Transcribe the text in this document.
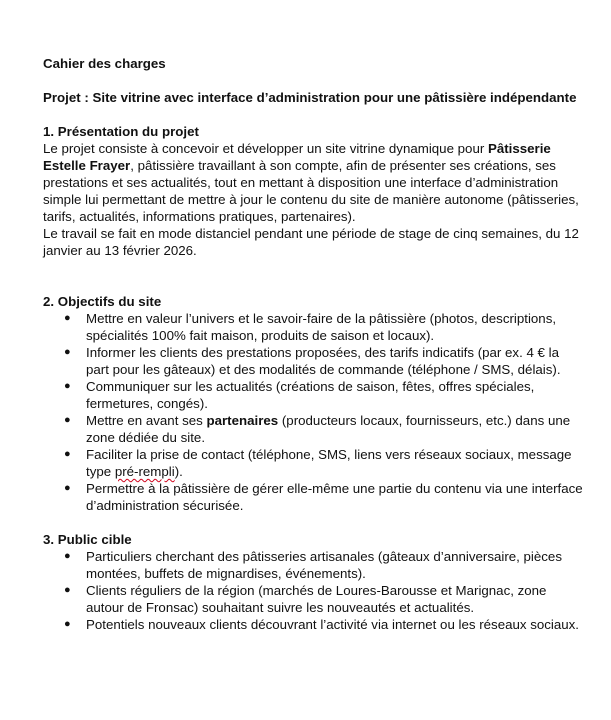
Cahier des charges

Projet : Site vitrine avec interface d’administration pour une pâtissière indépendante

1. Présentation du projet

Le projet consiste à concevoir et développer un site vitrine dynamique pour Pâtisserie Estelle Frayer, pâtissière travaillant à son compte, afin de présenter ses créations, ses prestations et ses actualités, tout en mettant à disposition une interface d’administration simple lui permettant de mettre à jour le contenu du site de manière autonome (pâtisseries, tarifs, actualités, informations pratiques, partenaires).

Le travail se fait en mode distanciel pendant une période de stage de cinq semaines, du 12 janvier au 13 février 2026.

2. Objectifs du site

● Mettre en valeur l’univers et le savoir-faire de la pâtissière (photos, descriptions, spécialités 100% fait maison, produits de saison et locaux).
● Informer les clients des prestations proposées, des tarifs indicatifs (par ex. 4 € la part pour les gâteaux) et des modalités de commande (téléphone / SMS, délais).
● Communiquer sur les actualités (créations de saison, fêtes, offres spéciales, fermetures, congés).
● Mettre en avant ses partenaires (producteurs locaux, fournisseurs, etc.) dans une zone dédiée du site.
● Faciliter la prise de contact (téléphone, SMS, liens vers réseaux sociaux, message type pré-rempli).
● Permettre à la pâtissière de gérer elle-même une partie du contenu via une interface d’administration sécurisée.

3. Public cible

● Particuliers cherchant des pâtisseries artisanales (gâteaux d’anniversaire, pièces montées, buffets de mignardises, événements).
● Clients réguliers de la région (marchés de Loures-Barousse et Marignac, zone autour de Fronsac) souhaitant suivre les nouveautés et actualités.
● Potentiels nouveaux clients découvrant l’activité via internet ou les réseaux sociaux.
